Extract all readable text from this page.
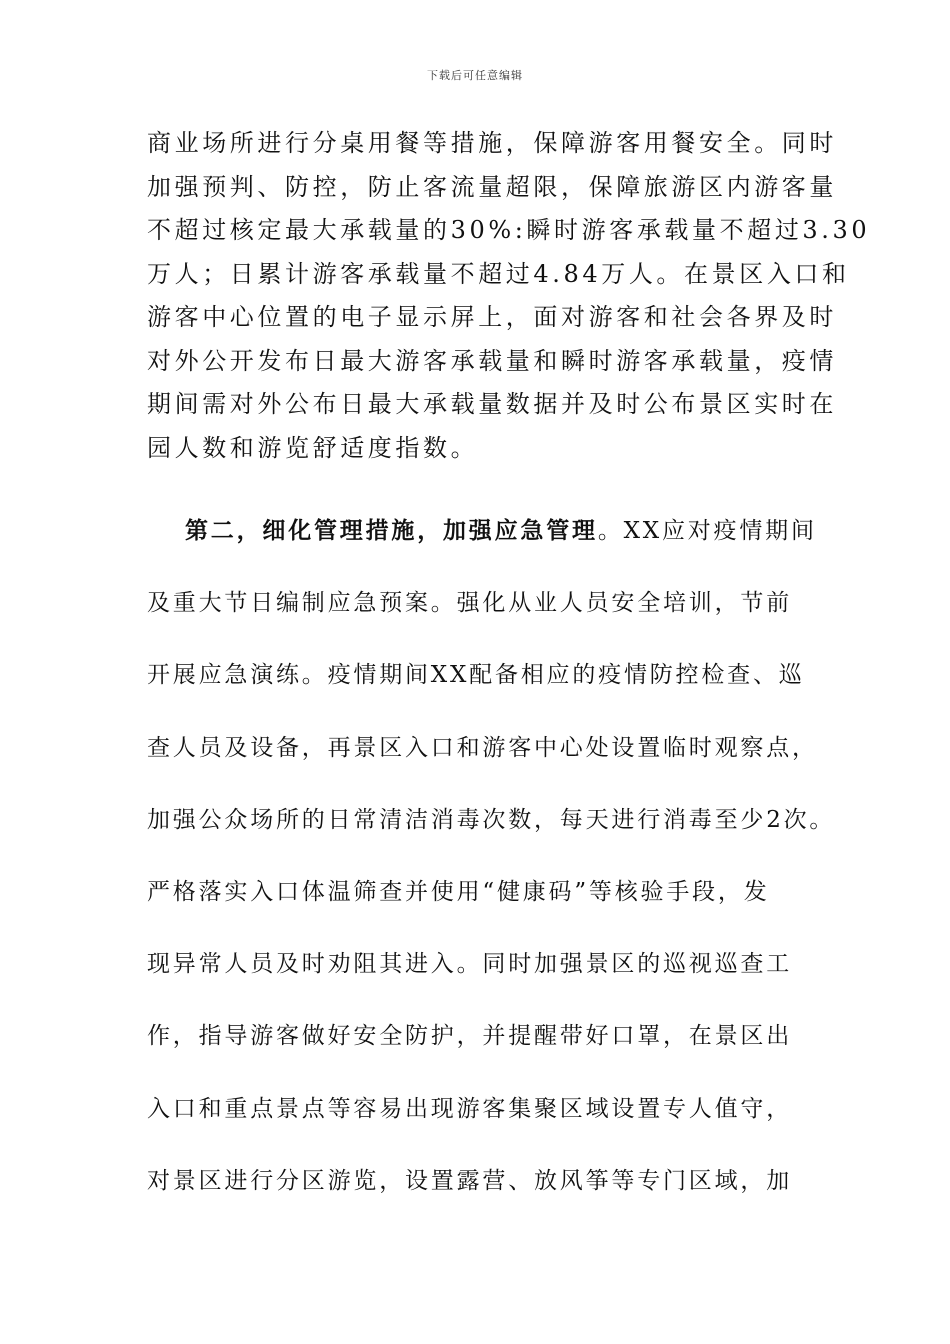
下载后可任意编辑
商业场所进行分桌用餐等措施，保障游客用餐安全。同时
加强预判、防控，防止客流量超限，保障旅游区内游客量
不超过核定最大承载量的30%:瞬时游客承载量不超过3.30
万人；日累计游客承载量不超过4.84万人。在景区入口和
游客中心位置的电子显示屏上，面对游客和社会各界及时
对外公开发布日最大游客承载量和瞬时游客承载量，疫情
期间需对外公布日最大承载量数据并及时公布景区实时在
园人数和游览舒适度指数。
第二，细化管理措施，加强应急管理。XX应对疫情期间
及重大节日编制应急预案。强化从业人员安全培训，节前
开展应急演练。疫情期间XX配备相应的疫情防控检查、巡
查人员及设备，再景区入口和游客中心处设置临时观察点，
加强公众场所的日常清洁消毒次数，每天进行消毒至少2次。
严格落实入口体温筛查并使用“健康码”等核验手段，发
现异常人员及时劝阻其进入。同时加强景区的巡视巡查工
作，指导游客做好安全防护，并提醒带好口罩，在景区出
入口和重点景点等容易出现游客集聚区域设置专人值守，
对景区进行分区游览，设置露营、放风筝等专门区域，加
